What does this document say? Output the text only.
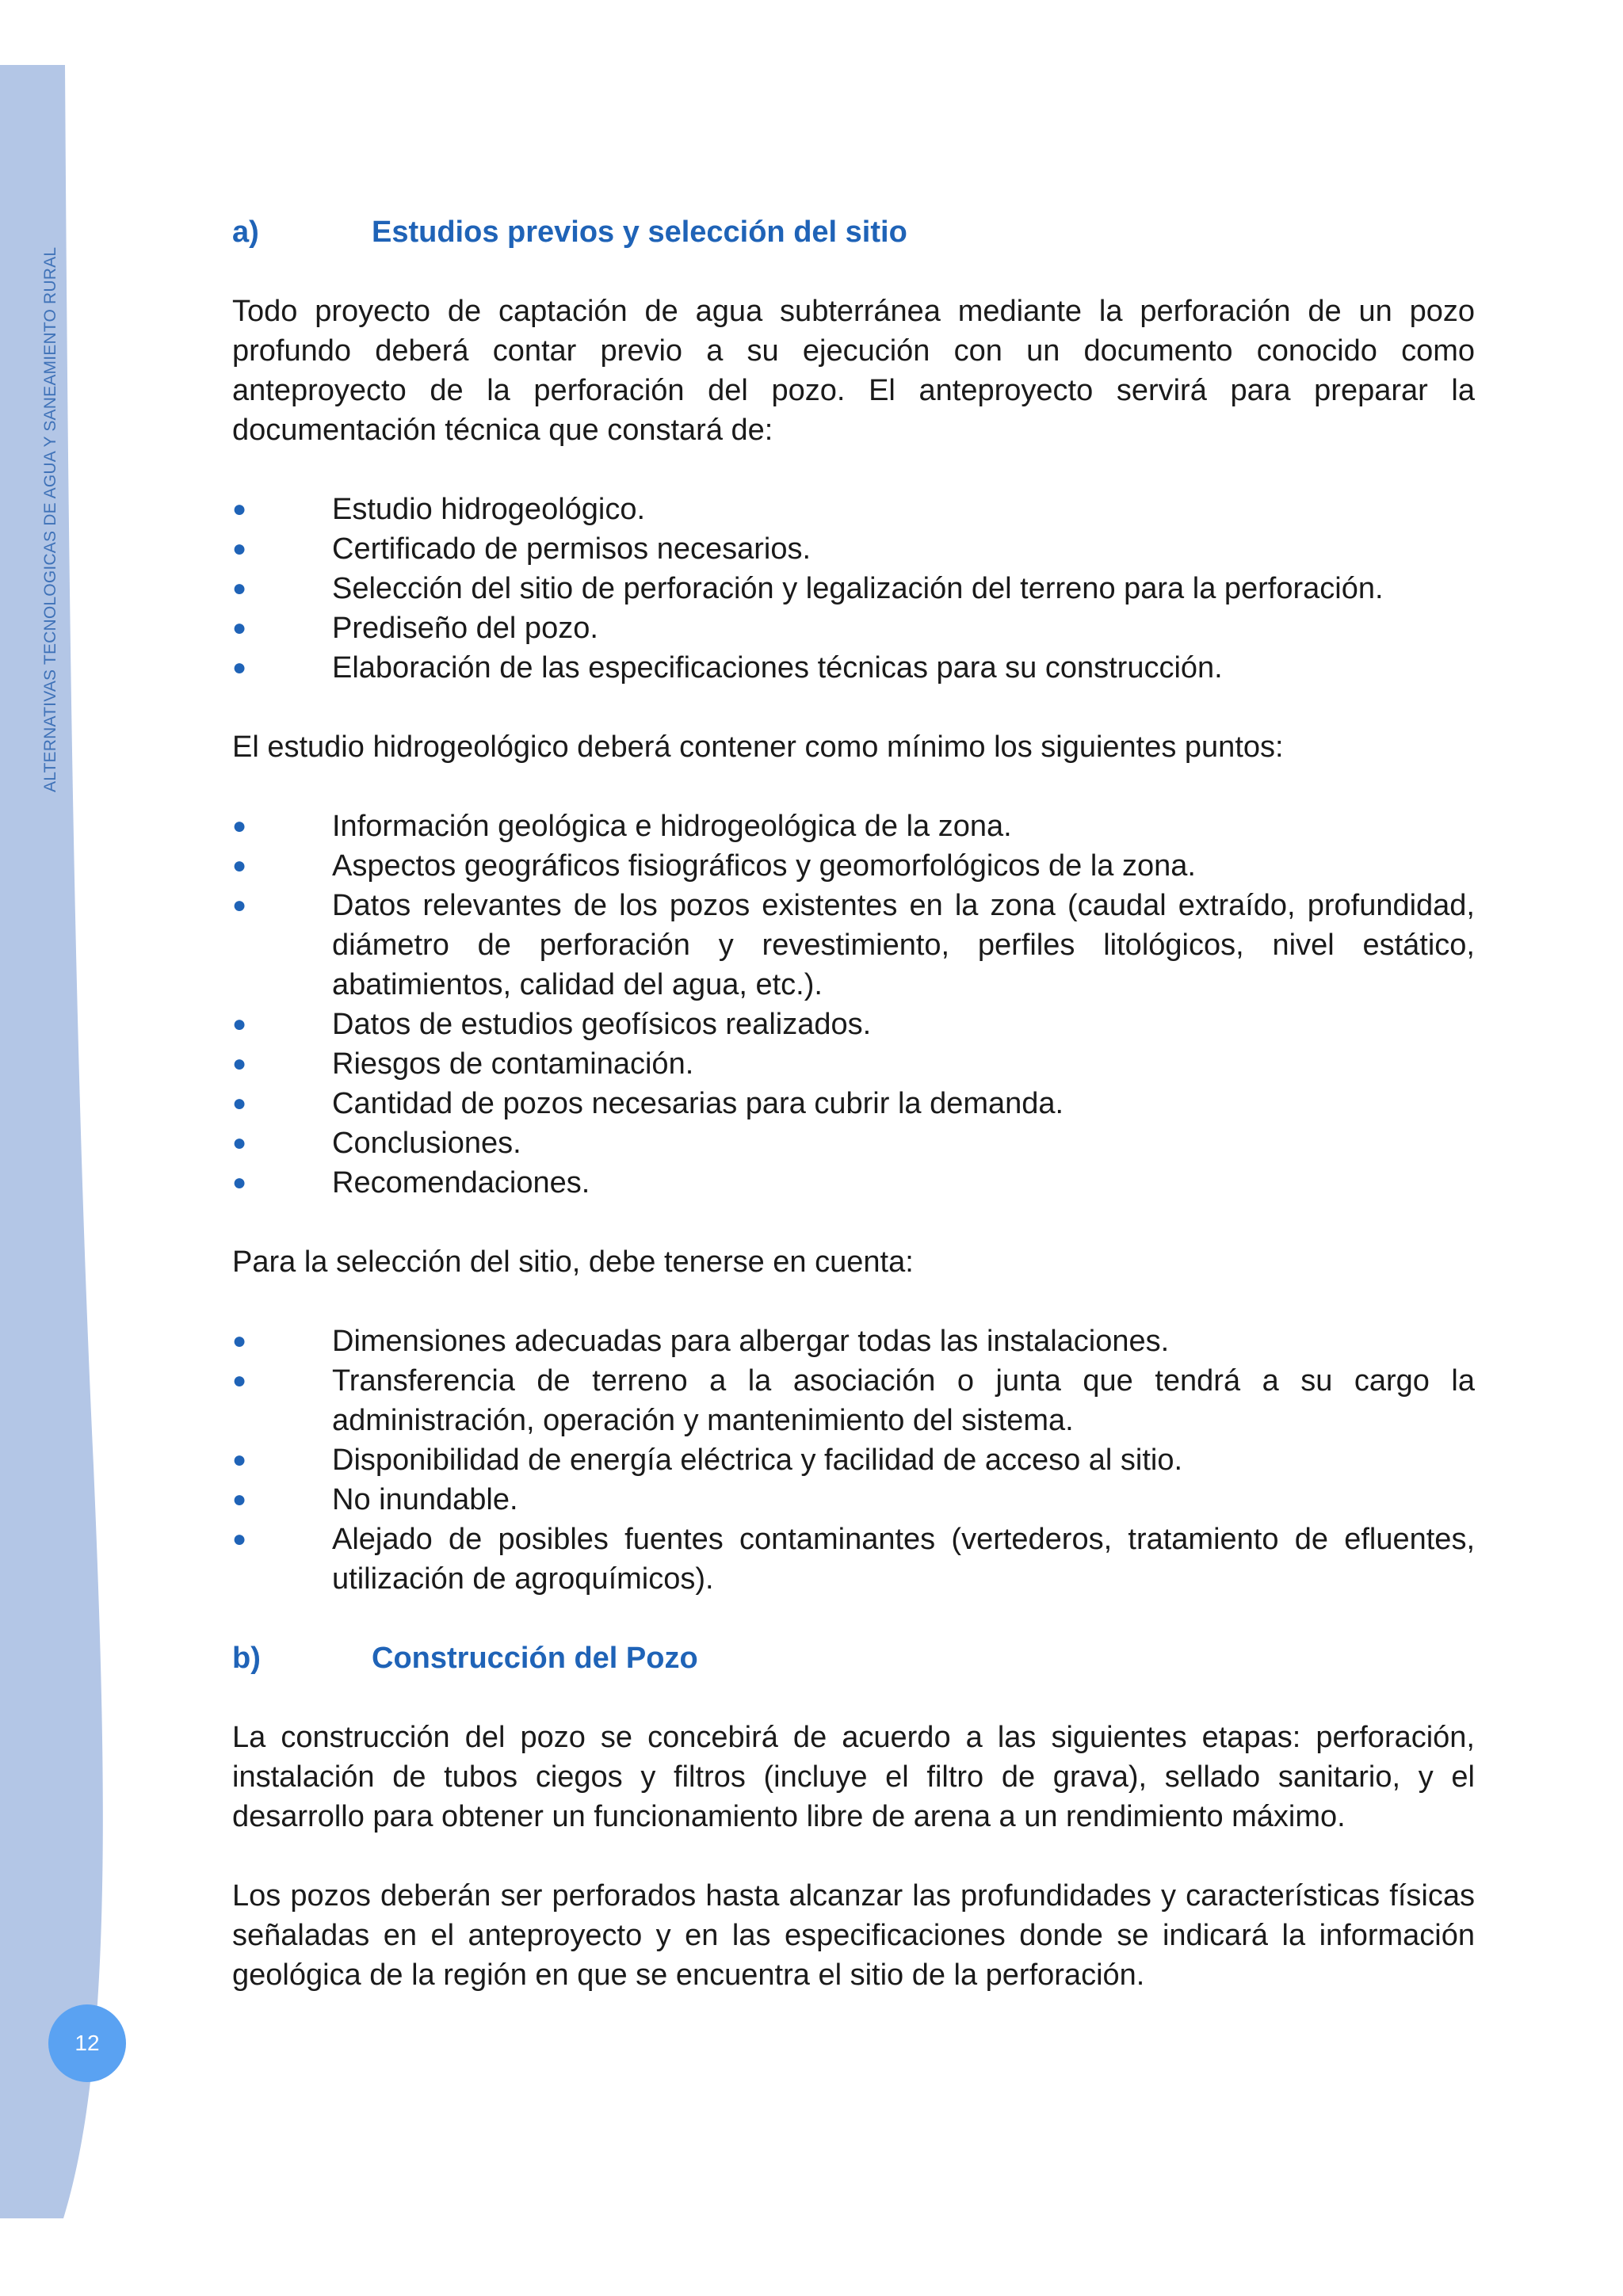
ALTERNATIVAS TECNOLOGICAS DE AGUA Y SANEAMIENTO RURAL
12
a)	Estudios previos y selección del sitio

Todo proyecto de captación de agua subterránea mediante la perforación de un pozo profundo deberá contar previo a su ejecución con un documento conocido como anteproyecto de la perforación del pozo. El anteproyecto servirá para preparar la documentación técnica que constará de:

●	Estudio hidrogeológico.
●	Certificado de permisos necesarios.
●	Selección del sitio de perforación y legalización del terreno para la perforación.
●	Prediseño del pozo.
●	Elaboración de las especificaciones técnicas para su construcción.

El estudio hidrogeológico deberá contener como mínimo los siguientes puntos:

●	Información geológica e hidrogeológica de la zona.
●	Aspectos geográficos fisiográficos y geomorfológicos de la zona.
●	Datos relevantes de los pozos existentes en la zona (caudal extraído, profundidad, diámetro de perforación y revestimiento, perfiles litológicos, nivel estático, abatimientos, calidad del agua, etc.).
●	Datos de estudios geofísicos realizados.
●	Riesgos de contaminación.
●	Cantidad de pozos necesarias para cubrir la demanda.
●	Conclusiones.
●	Recomendaciones.

Para la selección del sitio, debe tenerse en cuenta:

●	Dimensiones adecuadas para albergar todas las instalaciones.
●	Transferencia de terreno a la asociación o junta que tendrá a su cargo la administración, operación y mantenimiento del sistema.
●	Disponibilidad de energía eléctrica y facilidad de acceso al sitio.
●	No inundable.
●	Alejado de posibles fuentes contaminantes (vertederos, tratamiento de efluentes, utilización de agroquímicos).
b)	Construcción del Pozo

La construcción del pozo se concebirá de acuerdo a las siguientes etapas: perforación, instalación de tubos ciegos y filtros (incluye el filtro de grava), sellado sanitario, y el desarrollo para obtener un funcionamiento libre de arena a un rendimiento máximo.

Los pozos deberán ser perforados hasta alcanzar las profundidades y características físicas señaladas en el anteproyecto y en las especificaciones donde se indicará la información geológica de la región en que se encuentra el sitio de la perforación.
